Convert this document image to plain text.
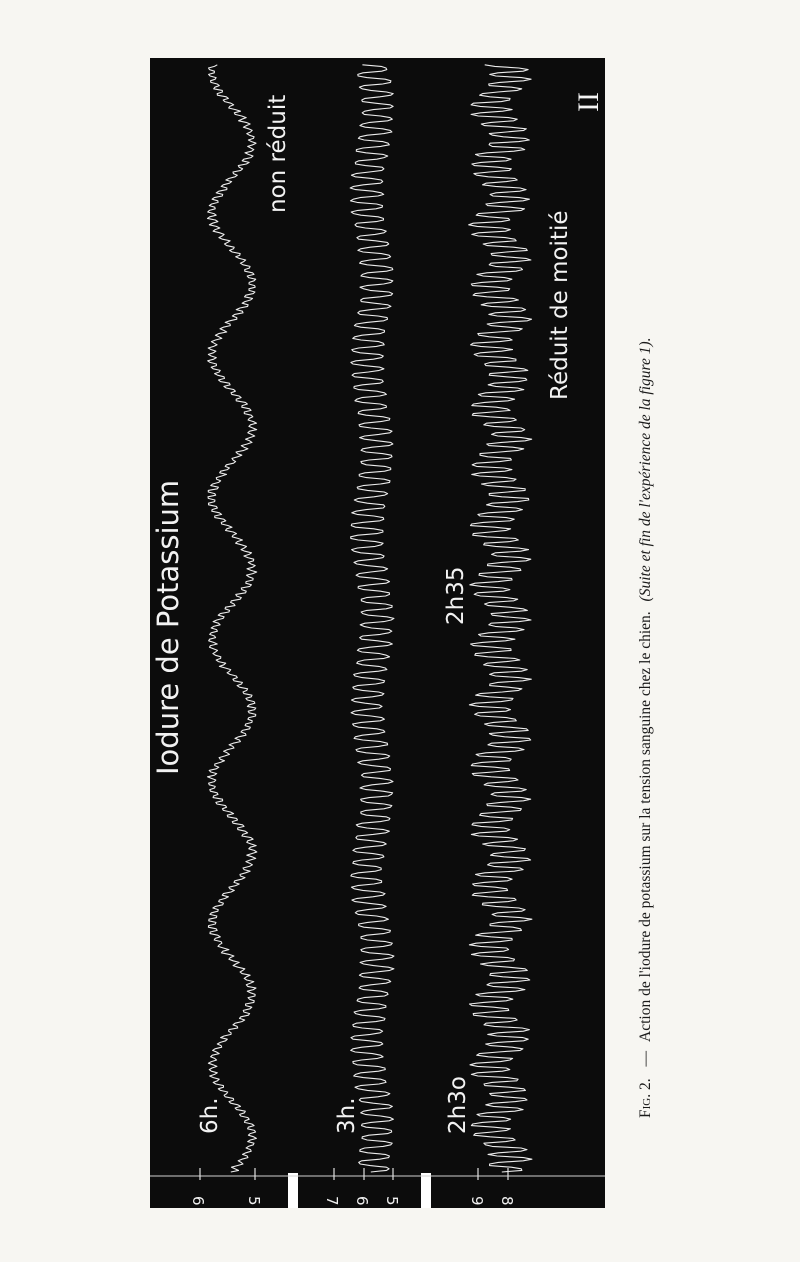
6	5	7 6 5	9 8
Iodure de Potassium
non réduit
Réduit de moitié
6h.	3h.	2h3o
2h35
II
Fig. 2. — Action de l'iodure de potassium sur la tension sanguine chez le chien. (Suite et fin de l'expérience de la figure 1).
